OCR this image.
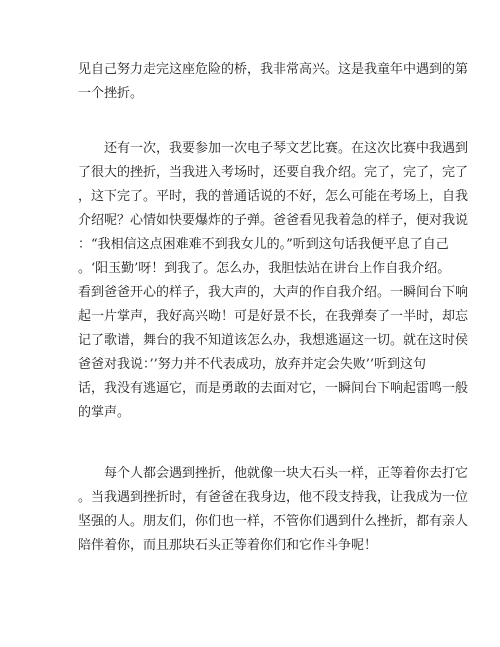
见自己努力走完这座危险的桥，我非常高兴。这是我童年中遇到的第
一个挫折。
还有一次，我要参加一次电子琴文艺比赛。在这次比赛中我遇到
了很大的挫折，当我进入考场时，还要自我介绍。完了，完了，完了
，这下完了。平时，我的普通话说的不好，怎么可能在考场上，自我
介绍呢？心情如快要爆炸的子弹。爸爸看见我着急的样子，便对我说
：“我相信这点困难难不到我女儿的。”听到这句话我便平息了自己
。‘阳玉勤’呀！到我了。怎么办，我胆怯站在讲台上作自我介绍。
看到爸爸开心的样子，我大声的，大声的作自我介绍。一瞬间台下响
起一片掌声，我好高兴呦！可是好景不长，在我弹奏了一半时，却忘
记了歌谱，舞台的我不知道该怎么办，我想逃逼这一切。就在这时侯
爸爸对我说：’’努力并不代表成功，放弃并定会失败’’听到这句
话，我没有逃逼它，而是勇敢的去面对它，一瞬间台下响起雷鸣一般
的掌声。
每个人都会遇到挫折，他就像一块大石头一样，正等着你去打它
。当我遇到挫折时，有爸爸在我身边，他不段支持我，让我成为一位
坚强的人。朋友们，你们也一样，不管你们遇到什么挫折，都有亲人
陪伴着你，而且那块石头正等着你们和它作斗争呢！
